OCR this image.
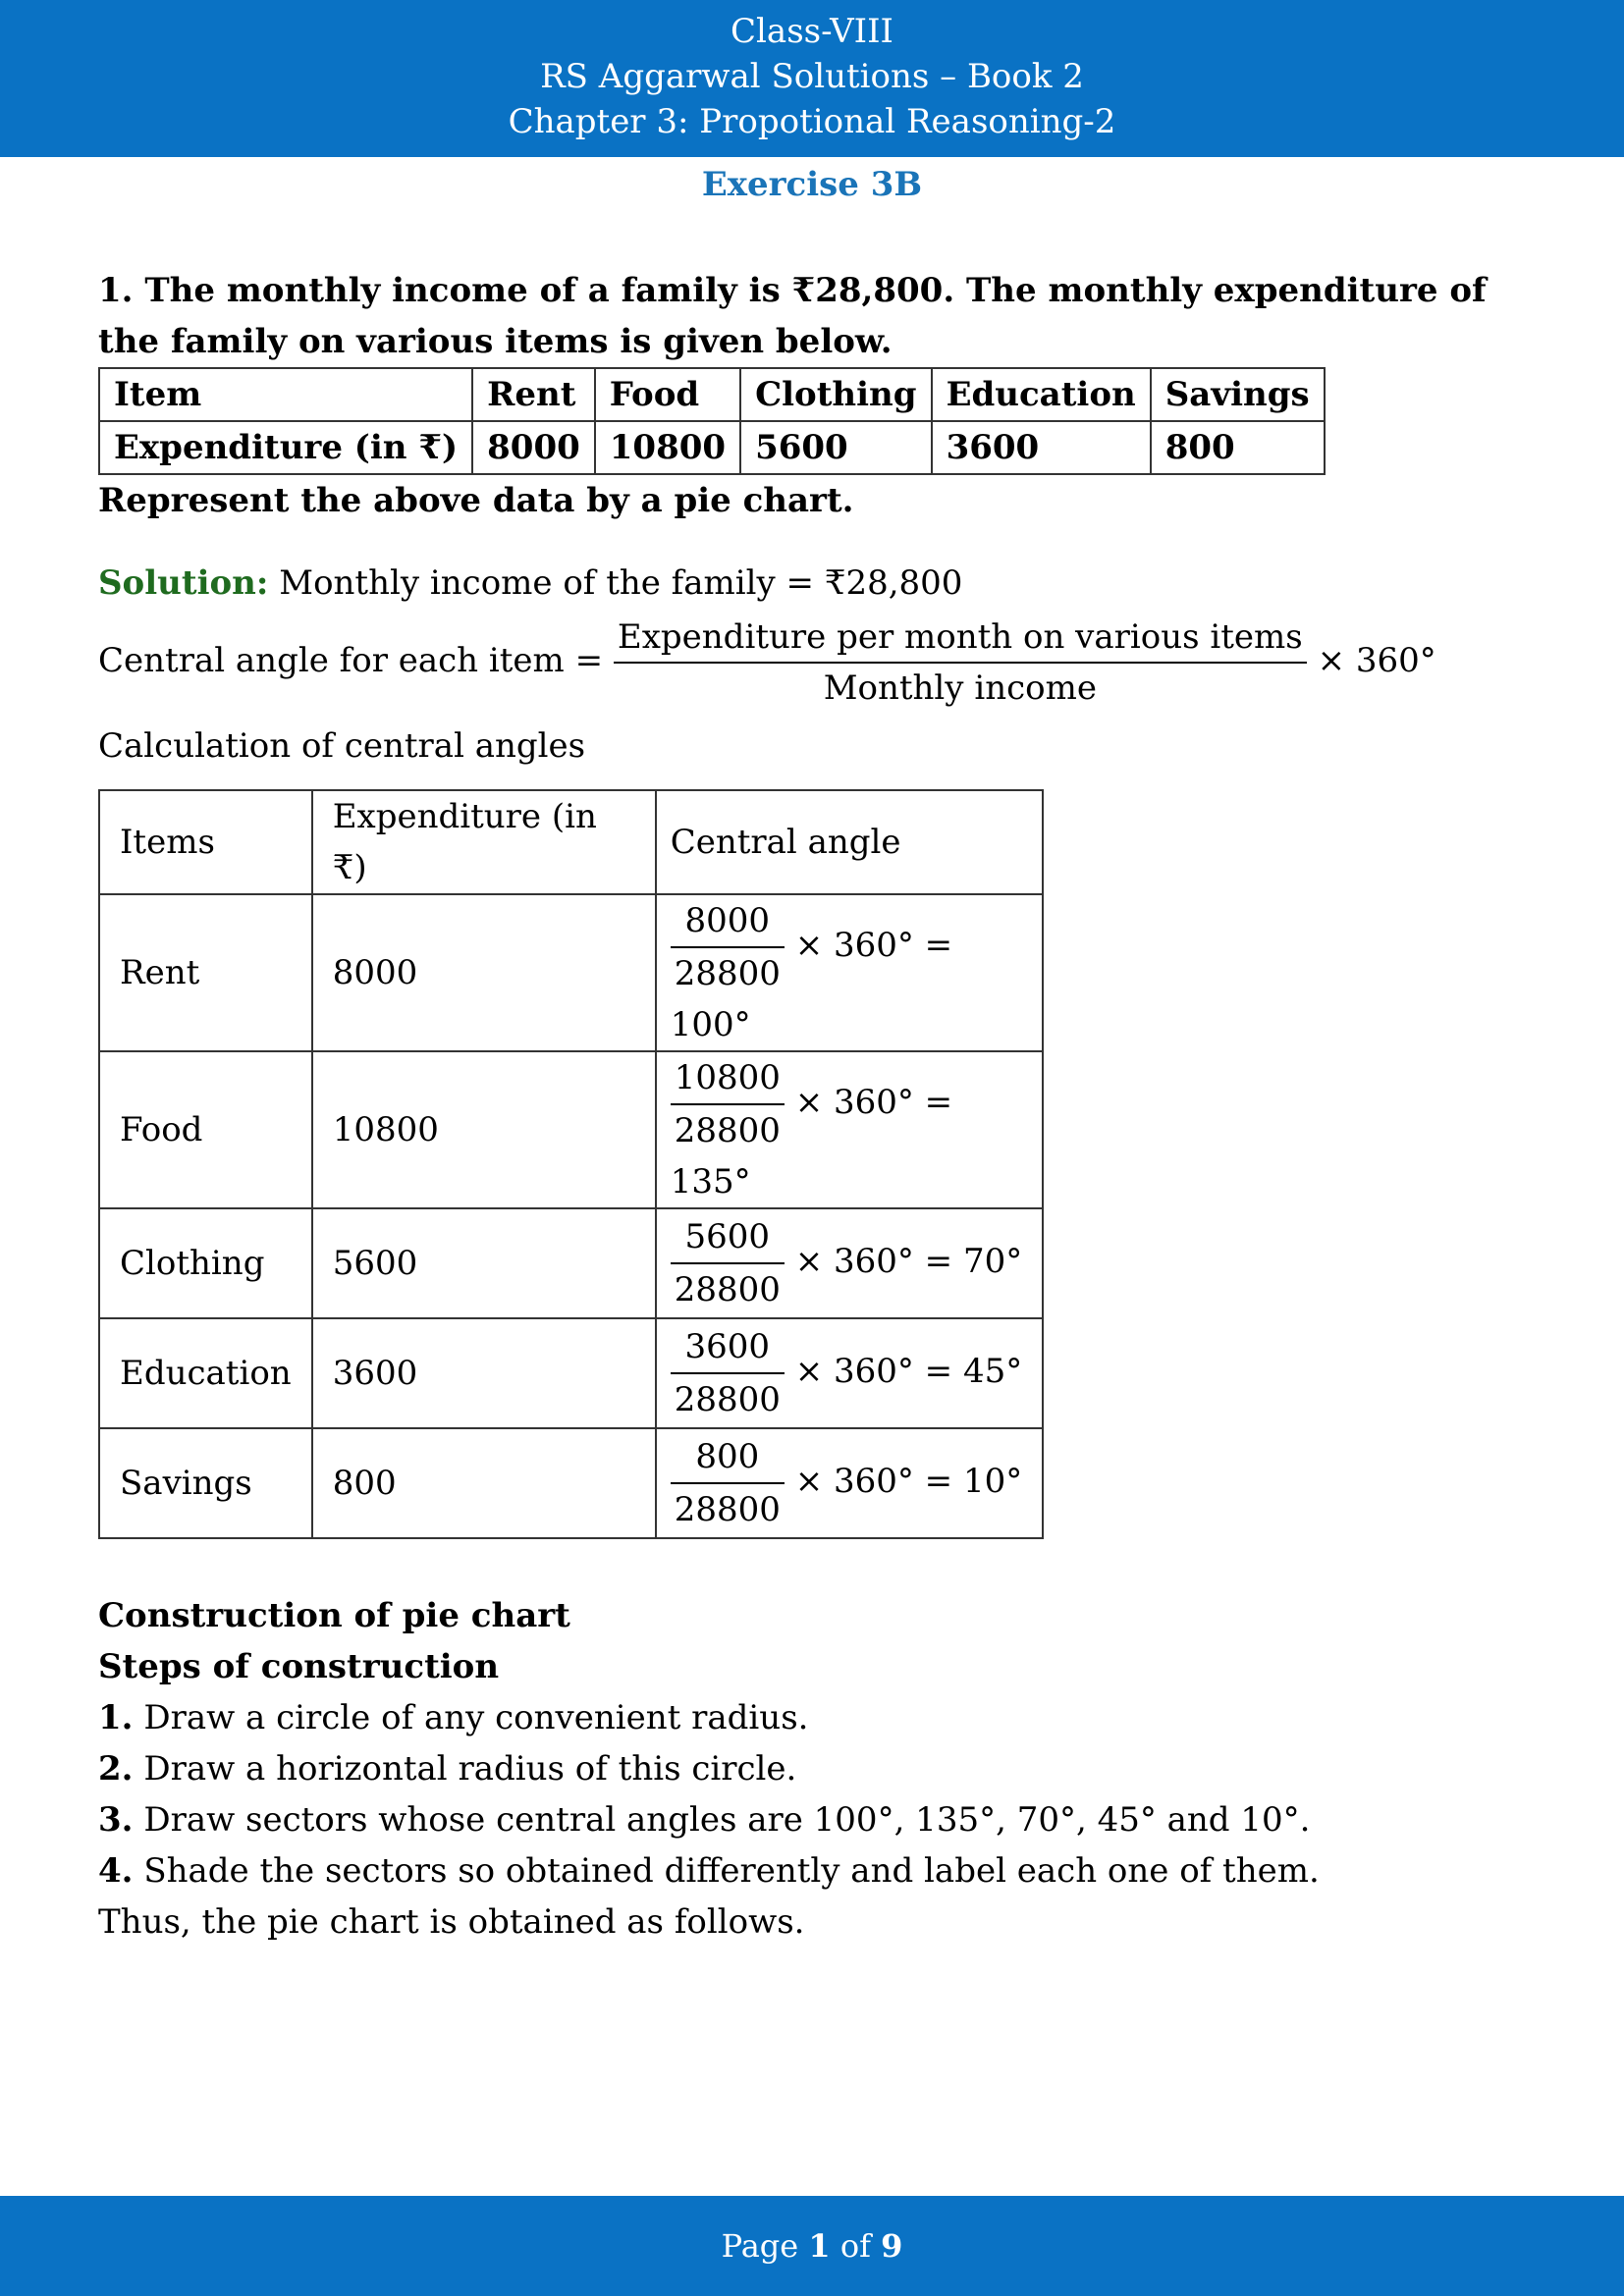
Class-VIII
RS Aggarwal Solutions – Book 2
Chapter 3: Propotional Reasoning-2
Exercise 3B
1. The monthly income of a family is ₹28,800. The monthly expenditure of the family on various items is given below.
Item	Rent	Food	Clothing	Education	Savings
Expenditure (in ₹)	8000	10800	5600	3600	800
Represent the above data by a pie chart.
Solution: Monthly income of the family = ₹28,800
Central angle for each item = $\frac{\text{Expenditure per month on various items}}{\text{Monthly income}} \times 360^\circ$
Calculation of central angles
Items	Expenditure (in ₹)	Central angle
Rent	8000	$\frac{8000}{28800} \times 360^\circ = 100^\circ$
Food	10800	$\frac{10800}{28800} \times 360^\circ = 135^\circ$
Clothing	5600	$\frac{5600}{28800} \times 360^\circ = 70^\circ$
Education	3600	$\frac{3600}{28800} \times 360^\circ = 45^\circ$
Savings	800	$\frac{800}{28800} \times 360^\circ = 10^\circ$
Construction of pie chart
Steps of construction
1. Draw a circle of any convenient radius.
2. Draw a horizontal radius of this circle.
3. Draw sectors whose central angles are 100°, 135°, 70°, 45° and 10°.
4. Shade the sectors so obtained differently and label each one of them.
Thus, the pie chart is obtained as follows.
Page 1 of 9
